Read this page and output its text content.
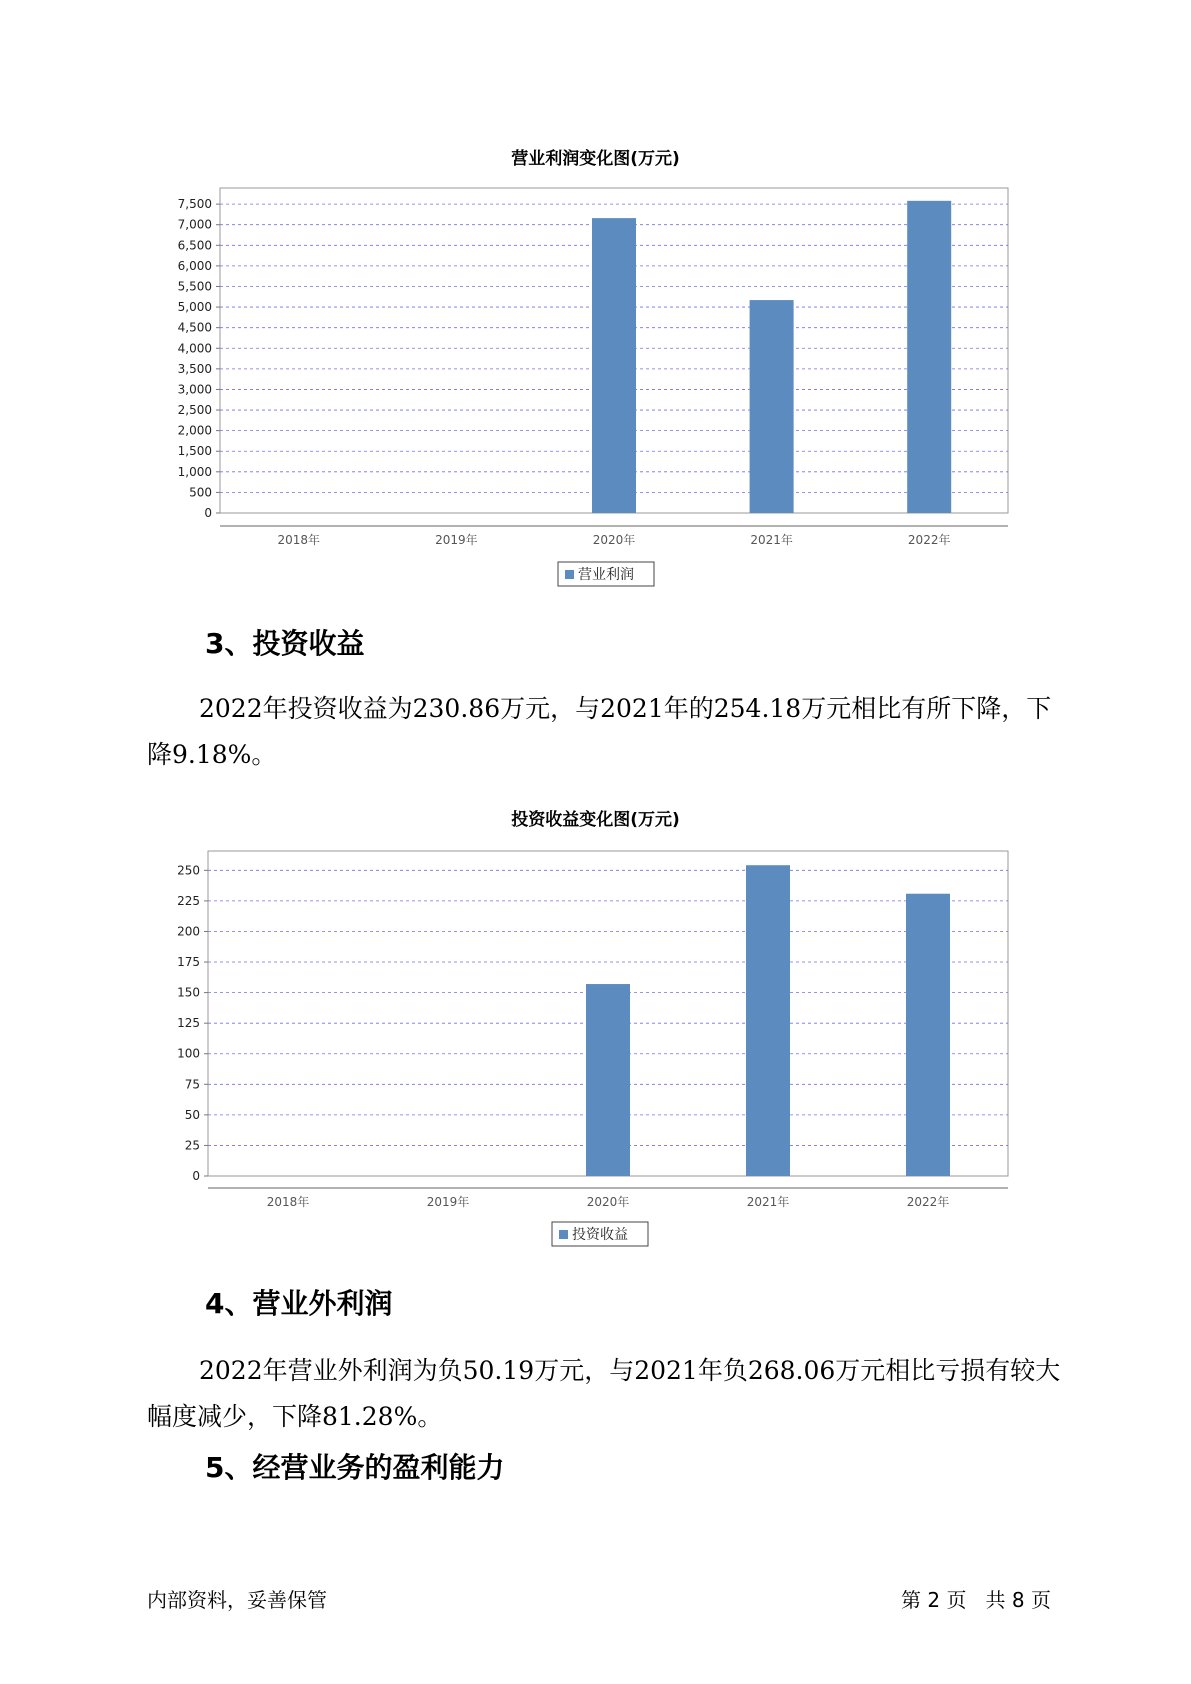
营业利润变化图(万元)
0
500
1,000
1,500
2,000
2,500
3,000
3,500
4,000
4,500
5,000
5,500
6,000
6,500
7,000
7,500
2018年	2019年	2020年	2021年	2022年
营业利润
3、投资收益

2022年投资收益为230.86万元，与2021年的254.18万元相比有所下降，下降9.18%。

投资收益变化图(万元)
0
25
50
75
100
125
150
175
200
225
250
2018年	2019年	2020年	2021年	2022年
投资收益
4、营业外利润

2022年营业外利润为负50.19万元，与2021年负268.06万元相比亏损有较大幅度减少，下降81.28%。

5、经营业务的盈利能力
内部资料，妥善保管	第 2 页   共 8 页
